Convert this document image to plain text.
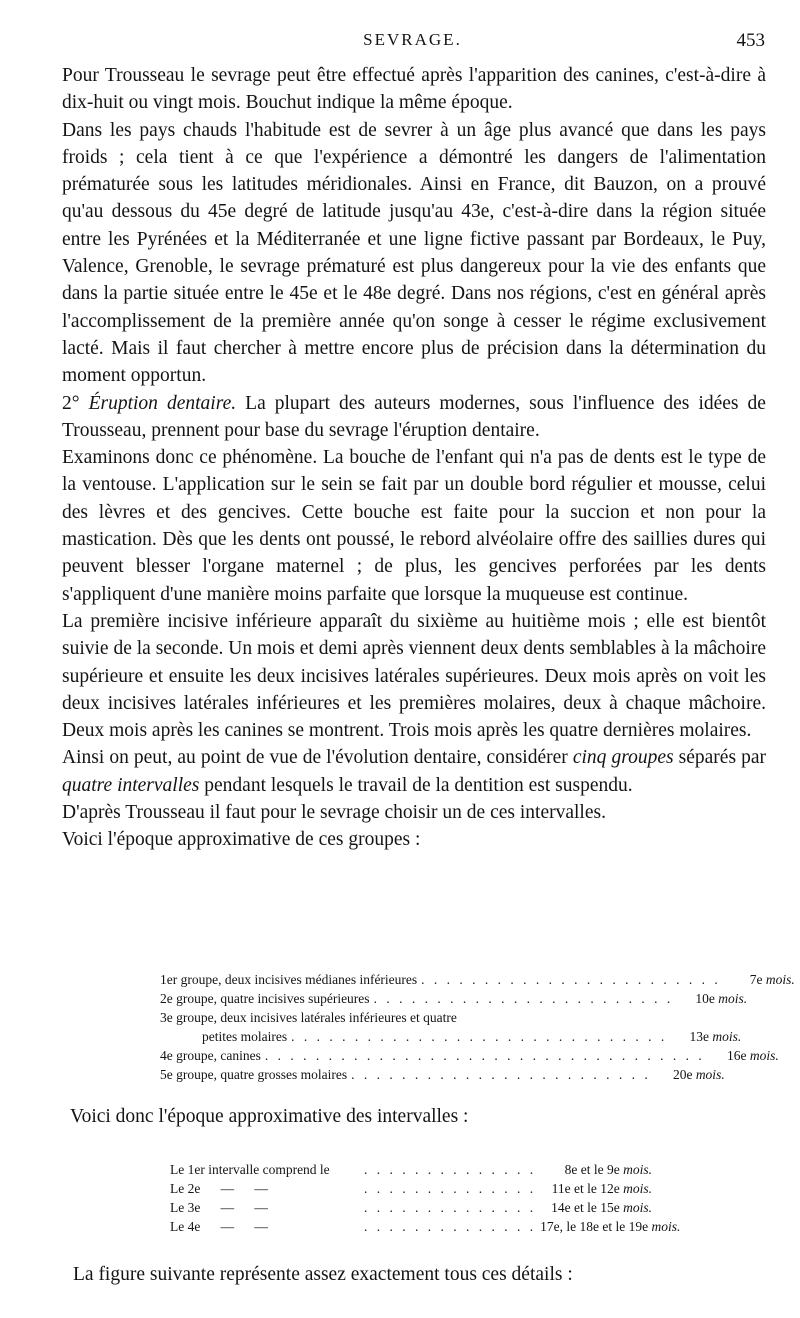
SEVRAGE.	453

Pour Trousseau le sevrage peut être effectué après l'apparition des canines, c'est-à-dire à dix-huit ou vingt mois. Bouchut indique la même époque.

Dans les pays chauds l'habitude est de sevrer à un âge plus avancé que dans les pays froids ; cela tient à ce que l'expérience a démontré les dangers de l'alimentation prématurée sous les latitudes méridionales. Ainsi en France, dit Bauzon, on a prouvé qu'au dessous du 45e degré de latitude jusqu'au 43e, c'est-à-dire dans la région située entre les Pyrénées et la Méditerranée et une ligne fictive passant par Bordeaux, le Puy, Valence, Grenoble, le sevrage prématuré est plus dangereux pour la vie des enfants que dans la partie située entre le 45e et le 48e degré. Dans nos régions, c'est en général après l'accomplissement de la première année qu'on songe à cesser le régime exclusivement lacté. Mais il faut chercher à mettre encore plus de précision dans la détermination du moment opportun.

2° Éruption dentaire. La plupart des auteurs modernes, sous l'influence des idées de Trousseau, prennent pour base du sevrage l'éruption dentaire.

Examinons donc ce phénomène. La bouche de l'enfant qui n'a pas de dents est le type de la ventouse. L'application sur le sein se fait par un double bord régulier et mousse, celui des lèvres et des gencives. Cette bouche est faite pour la succion et non pour la mastication. Dès que les dents ont poussé, le rebord alvéolaire offre des saillies dures qui peuvent blesser l'organe maternel ; de plus, les gencives perforées par les dents s'appliquent d'une manière moins parfaite que lorsque la muqueuse est continue.

La première incisive inférieure apparaît du sixième au huitième mois ; elle est bientôt suivie de la seconde. Un mois et demi après viennent deux dents semblables à la mâchoire supérieure et ensuite les deux incisives latérales supérieures. Deux mois après on voit les deux incisives latérales inférieures et les premières molaires, deux à chaque mâchoire. Deux mois après les canines se montrent. Trois mois après les quatre dernières molaires.

Ainsi on peut, au point de vue de l'évolution dentaire, considérer cinq groupes séparés par quatre intervalles pendant lesquels le travail de la dentition est suspendu.

D'après Trousseau il faut pour le sevrage choisir un de ces intervalles.

Voici l'époque approximative de ces groupes :

1er groupe, deux incisives médianes inférieures . . . . . . . . . . . . . . . . . . . . . . . .	7e mois.
2e groupe, quatre incisives supérieures . . . . . . . . . . . . . . . . . . . . . . . .	10e mois.
3e groupe, deux incisives latérales inférieures et quatre
petites molaires . . . . . . . . . . . . . . . . . . . . . . . . . . . . . .	13e mois.
4e groupe, canines . . . . . . . . . . . . . . . . . . . . . . . . . . . . . . . . . . .	16e mois.
5e groupe, quatre grosses molaires . . . . . . . . . . . . . . . . . . . . . . . .	20e mois.
Voici donc l'époque approximative des intervalles :
Le 1er intervalle comprend le	. . . . . . . . . . . . . .	8e et le 9e mois.
Le 2e      —      —	. . . . . . . . . . . . . .	11e et le 12e mois.
Le 3e      —      —	. . . . . . . . . . . . . .	14e et le 15e mois.
Le 4e      —      —	. . . . . . . . . . . . . . 17e, le 18e et le 19e mois.
La figure suivante représente assez exactement tous ces détails :
